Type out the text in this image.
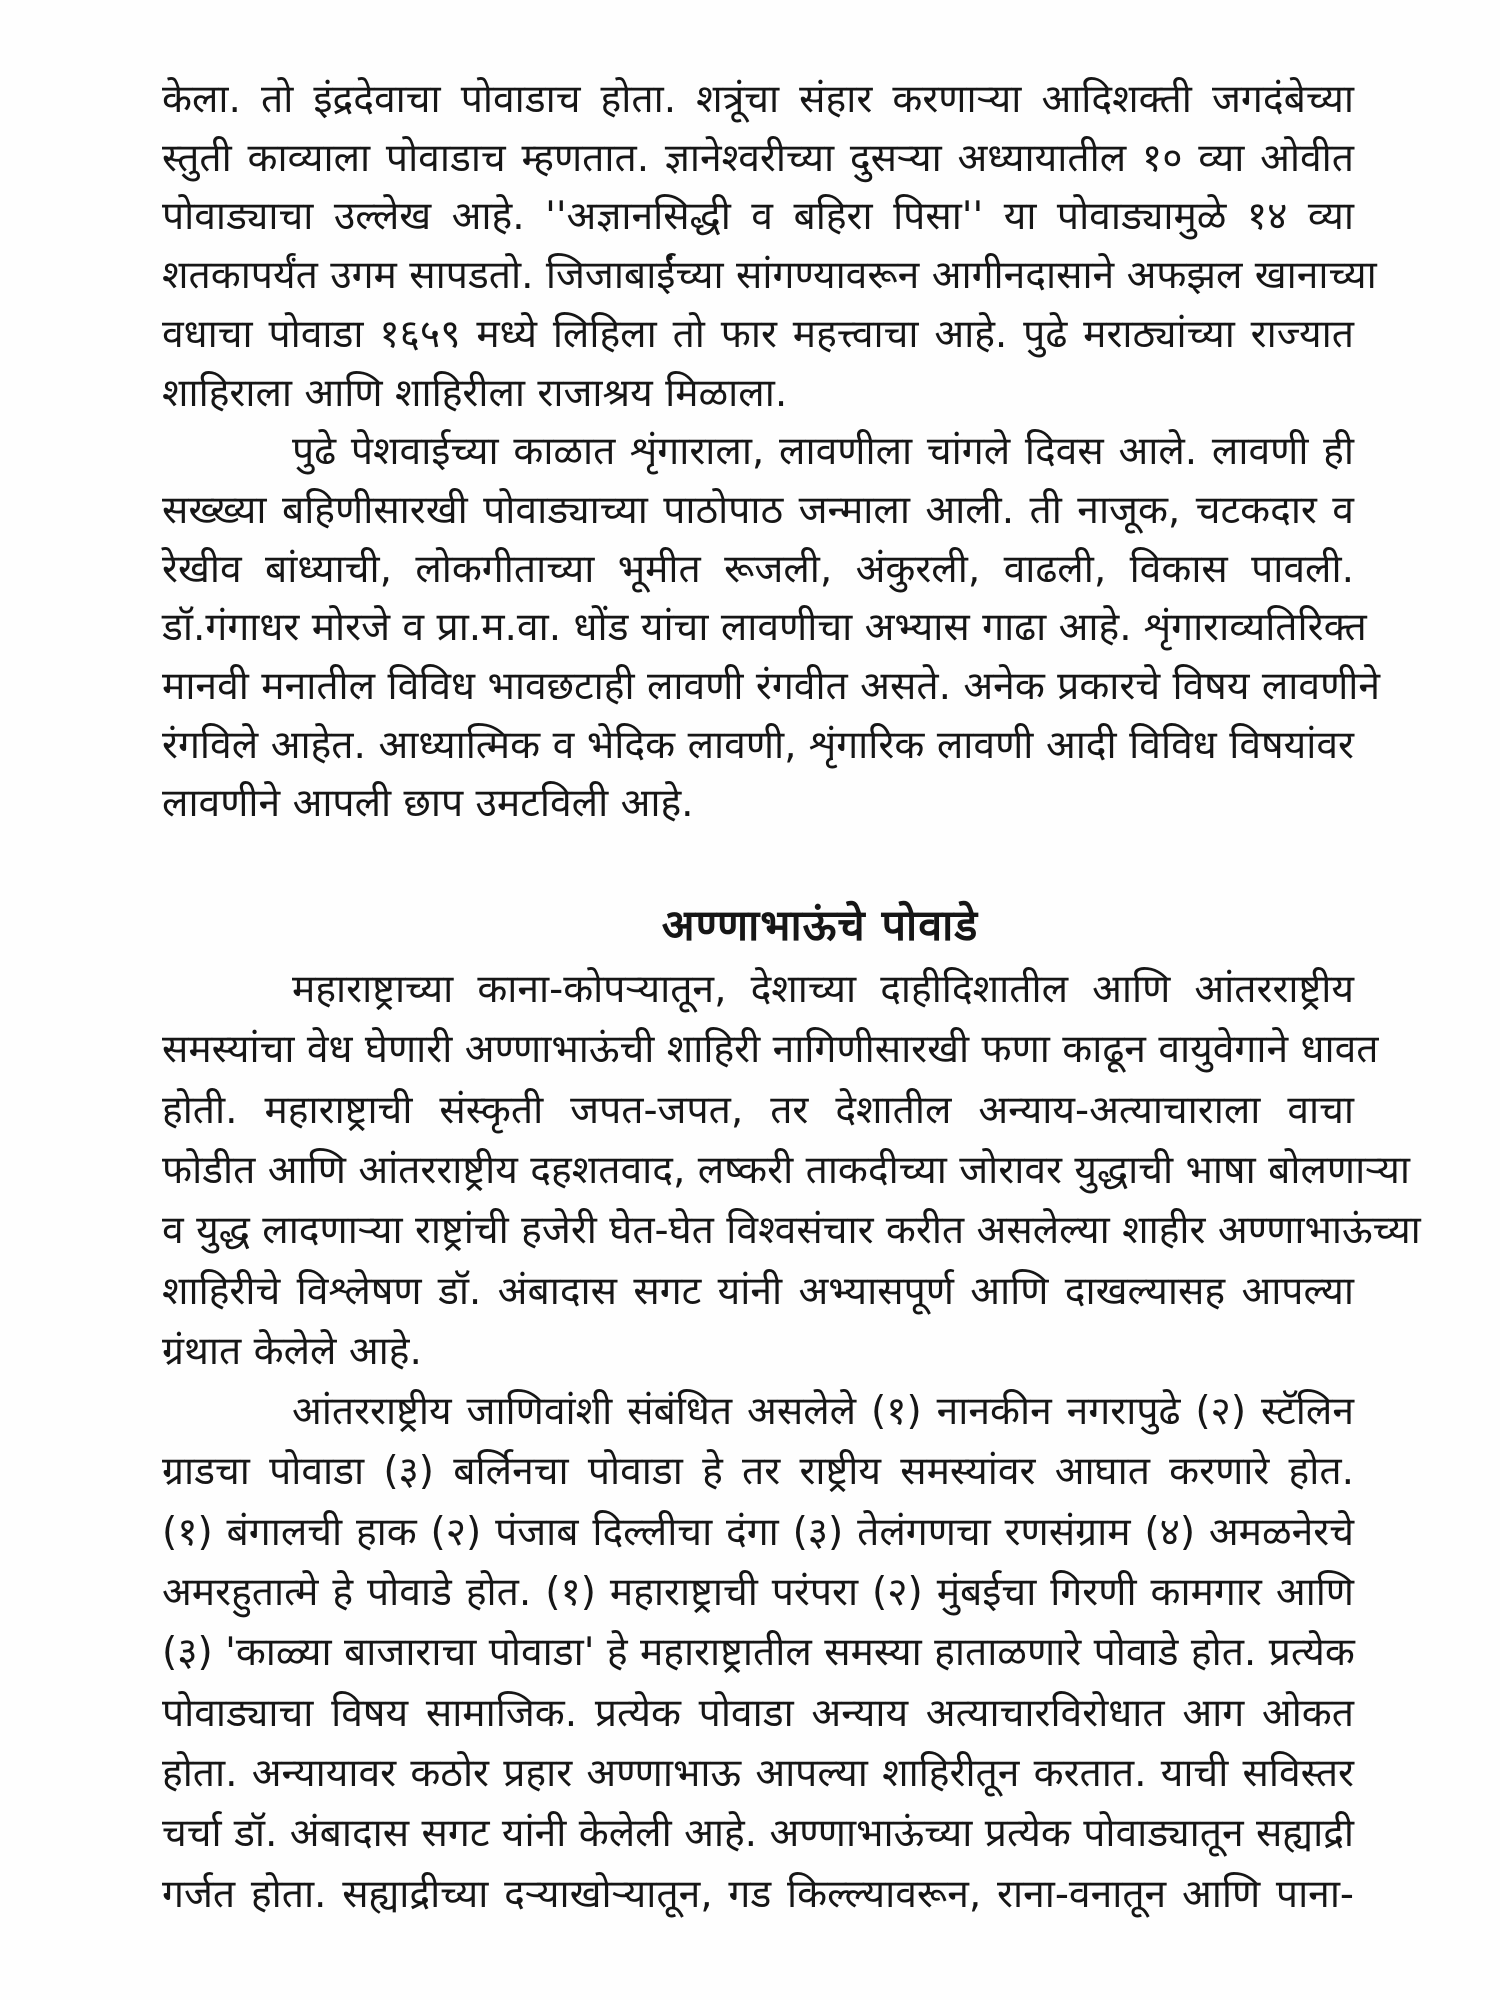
केला. तो इंद्रदेवाचा पोवाडाच होता. शत्रूंचा संहार करणाऱ्या आदिशक्ती जगदंबेच्या
स्तुती काव्याला पोवाडाच म्हणतात. ज्ञानेश्वरीच्या दुसऱ्या अध्यायातील १० व्या ओवीत
पोवाड्याचा उल्लेख आहे. ''अज्ञानसिद्धी व बहिरा पिसा'' या पोवाड्यामुळे १४ व्या
शतकापर्यंत उगम सापडतो. जिजाबाईंच्या सांगण्यावरून आगीनदासाने अफझल खानाच्या
वधाचा पोवाडा १६५९ मध्ये लिहिला तो फार महत्त्वाचा आहे. पुढे मराठ्यांच्या राज्यात
शाहिराला आणि शाहिरीला राजाश्रय मिळाला.
पुढे पेशवाईच्या काळात शृंगाराला, लावणीला चांगले दिवस आले. लावणी ही
सख्ख्या बहिणीसारखी पोवाड्याच्या पाठोपाठ जन्माला आली. ती नाजूक, चटकदार व
रेखीव बांध्याची, लोकगीताच्या भूमीत रूजली, अंकुरली, वाढली, विकास पावली.
डॉ.गंगाधर मोरजे व प्रा.म.वा. धोंड यांचा लावणीचा अभ्यास गाढा आहे. शृंगाराव्यतिरिक्त
मानवी मनातील विविध भावछटाही लावणी रंगवीत असते. अनेक प्रकारचे विषय लावणीने
रंगविले आहेत. आध्यात्मिक व भेदिक लावणी, शृंगारिक लावणी आदी विविध विषयांवर
लावणीने आपली छाप उमटविली आहे.
अण्णाभाऊंचे पोवाडे
महाराष्ट्राच्या काना-कोपऱ्यातून, देशाच्या दाहीदिशातील आणि आंतरराष्ट्रीय
समस्यांचा वेध घेणारी अण्णाभाऊंची शाहिरी नागिणीसारखी फणा काढून वायुवेगाने धावत
होती. महाराष्ट्राची संस्कृती जपत-जपत, तर देशातील अन्याय-अत्याचाराला वाचा
फोडीत आणि आंतरराष्ट्रीय दहशतवाद, लष्करी ताकदीच्या जोरावर युद्धाची भाषा बोलणाऱ्या
व युद्ध लादणाऱ्या राष्ट्रांची हजेरी घेत-घेत विश्वसंचार करीत असलेल्या शाहीर अण्णाभाऊंच्या
शाहिरीचे विश्लेषण डॉ. अंबादास सगट यांनी अभ्यासपूर्ण आणि दाखल्यासह आपल्या
ग्रंथात केलेले आहे.
आंतरराष्ट्रीय जाणिवांशी संबंधित असलेले (१) नानकीन नगरापुढे (२) स्टॅलिन
ग्राडचा पोवाडा (३) बर्लिनचा पोवाडा हे तर राष्ट्रीय समस्यांवर आघात करणारे होत.
(१) बंगालची हाक (२) पंजाब दिल्लीचा दंगा (३) तेलंगणचा रणसंग्राम (४) अमळनेरचे
अमरहुतात्मे हे पोवाडे होत. (१) महाराष्ट्राची परंपरा (२) मुंबईचा गिरणी कामगार आणि
(३) 'काळ्या बाजाराचा पोवाडा' हे महाराष्ट्रातील समस्या हाताळणारे पोवाडे होत. प्रत्येक
पोवाड्याचा विषय सामाजिक. प्रत्येक पोवाडा अन्याय अत्याचारविरोधात आग ओकत
होता. अन्यायावर कठोर प्रहार अण्णाभाऊ आपल्या शाहिरीतून करतात. याची सविस्तर
चर्चा डॉ. अंबादास सगट यांनी केलेली आहे. अण्णाभाऊंच्या प्रत्येक पोवाड्यातून सह्याद्री
गर्जत होता. सह्याद्रीच्या दऱ्याखोऱ्यातून, गड किल्ल्यावरून, राना-वनातून आणि पाना-
